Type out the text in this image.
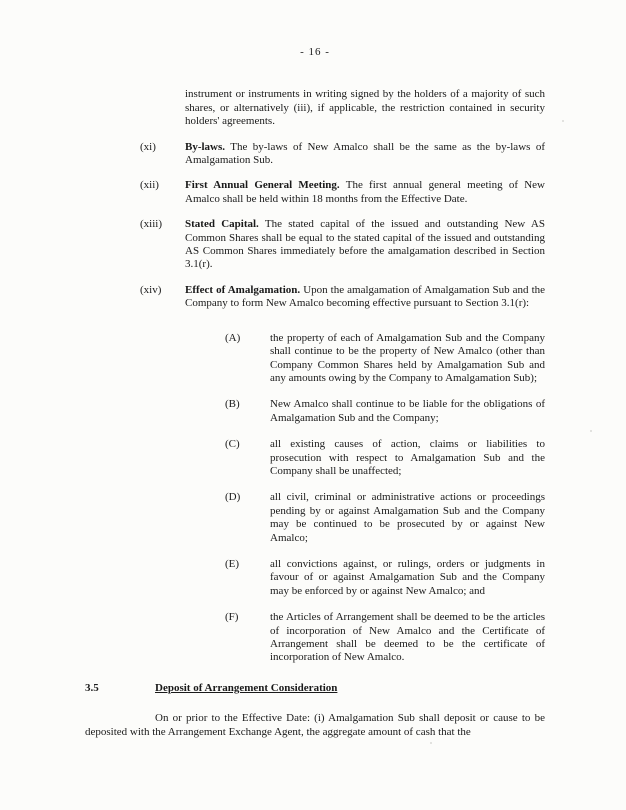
- 16 -

instrument or instruments in writing signed by the holders of a majority of such shares, or alternatively (iii), if applicable, the restriction contained in security holders' agreements.

(xi)	By-laws. The by-laws of New Amalco shall be the same as the by-laws of Amalgamation Sub.
(xii)	First Annual General Meeting. The first annual general meeting of New Amalco shall be held within 18 months from the Effective Date.
(xiii)	Stated Capital. The stated capital of the issued and outstanding New AS Common Shares shall be equal to the stated capital of the issued and outstanding AS Common Shares immediately before the amalgamation described in Section 3.1(r).
(xiv)	Effect of Amalgamation. Upon the amalgamation of Amalgamation Sub and the Company to form New Amalco becoming effective pursuant to Section 3.1(r):
(A)	the property of each of Amalgamation Sub and the Company shall continue to be the property of New Amalco (other than Company Common Shares held by Amalgamation Sub and any amounts owing by the Company to Amalgamation Sub);
(B)	New Amalco shall continue to be liable for the obligations of Amalgamation Sub and the Company;
(C)	all existing causes of action, claims or liabilities to prosecution with respect to Amalgamation Sub and the Company shall be unaffected;
(D)	all civil, criminal or administrative actions or proceedings pending by or against Amalgamation Sub and the Company may be continued to be prosecuted by or against New Amalco;
(E)	all convictions against, or rulings, orders or judgments in favour of or against Amalgamation Sub and the Company may be enforced by or against New Amalco; and
(F)	the Articles of Arrangement shall be deemed to be the articles of incorporation of New Amalco and the Certificate of Arrangement shall be deemed to be the certificate of incorporation of New Amalco.
3.5	Deposit of Arrangement Consideration

On or prior to the Effective Date: (i) Amalgamation Sub shall deposit or cause to be deposited with the Arrangement Exchange Agent, the aggregate amount of cash that the
